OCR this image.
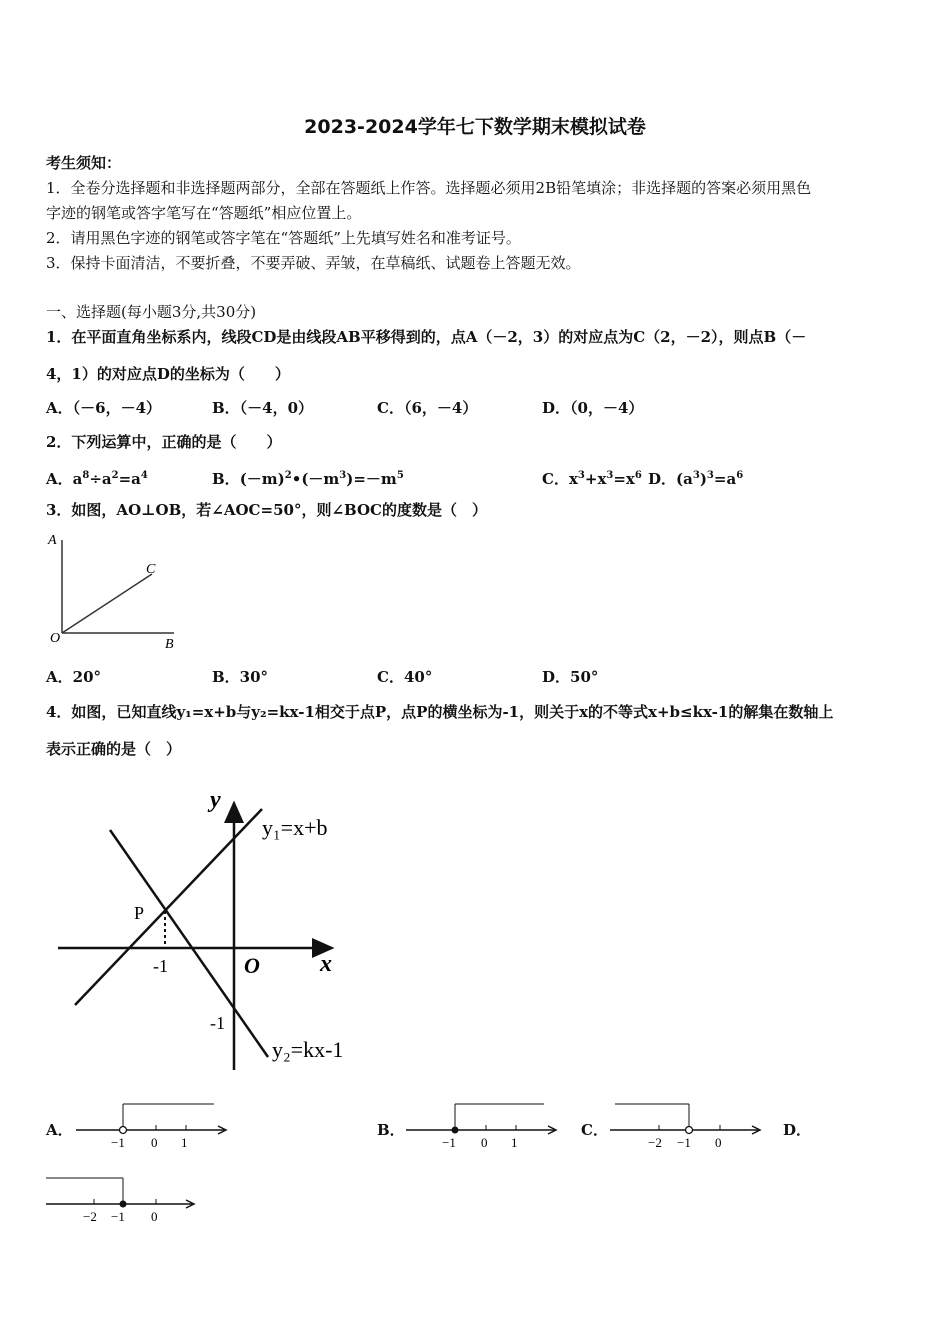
2023-2024学年七下数学期末模拟试卷
考生须知：
1．全卷分选择题和非选择题两部分，全部在答题纸上作答。选择题必须用2B铅笔填涂；非选择题的答案必须用黑色
字迹的钢笔或答字笔写在“答题纸”相应位置上。
2．请用黑色字迹的钢笔或答字笔在“答题纸”上先填写姓名和准考证号。
3．保持卡面清洁，不要折叠，不要弄破、弄皱，在草稿纸、试题卷上答题无效。
一、选择题(每小题3分,共30分)
1．在平面直角坐标系内，线段CD是由线段AB平移得到的，点A（－2，3）的对应点为C（2，－2），则点B（－
4，1）的对应点D的坐标为（　　）
A．（－6，－4）	B．（－4，0）	C．（6，－4）	D．（0，－4）
2．下列运算中，正确的是（　　）
A．$a^8\div a^2=a^4$	B．$(-m)^2•(-m^3)=-m^5$	C．$x^3+x^3=x^6$ D．$(a^3)^3=a^6$
3．如图，AO⊥OB，若∠AOC=50°，则∠BOC的度数是（　）
A
C
O	B
A．20°	B．30°	C．40°	D．50°
4．如图，已知直线y₁=x+b与y₂=kx-1相交于点P，点P的横坐标为-1，则关于x的不等式x+b≤kx-1的解集在数轴上
表示正确的是（　）
y
x
O
y₁=x+b
y₂=kx-1
P
-1
-1
A．
−1 0 1
B．
−1 0 1
C．
−2 −1 0
D．
−2 −1 0
